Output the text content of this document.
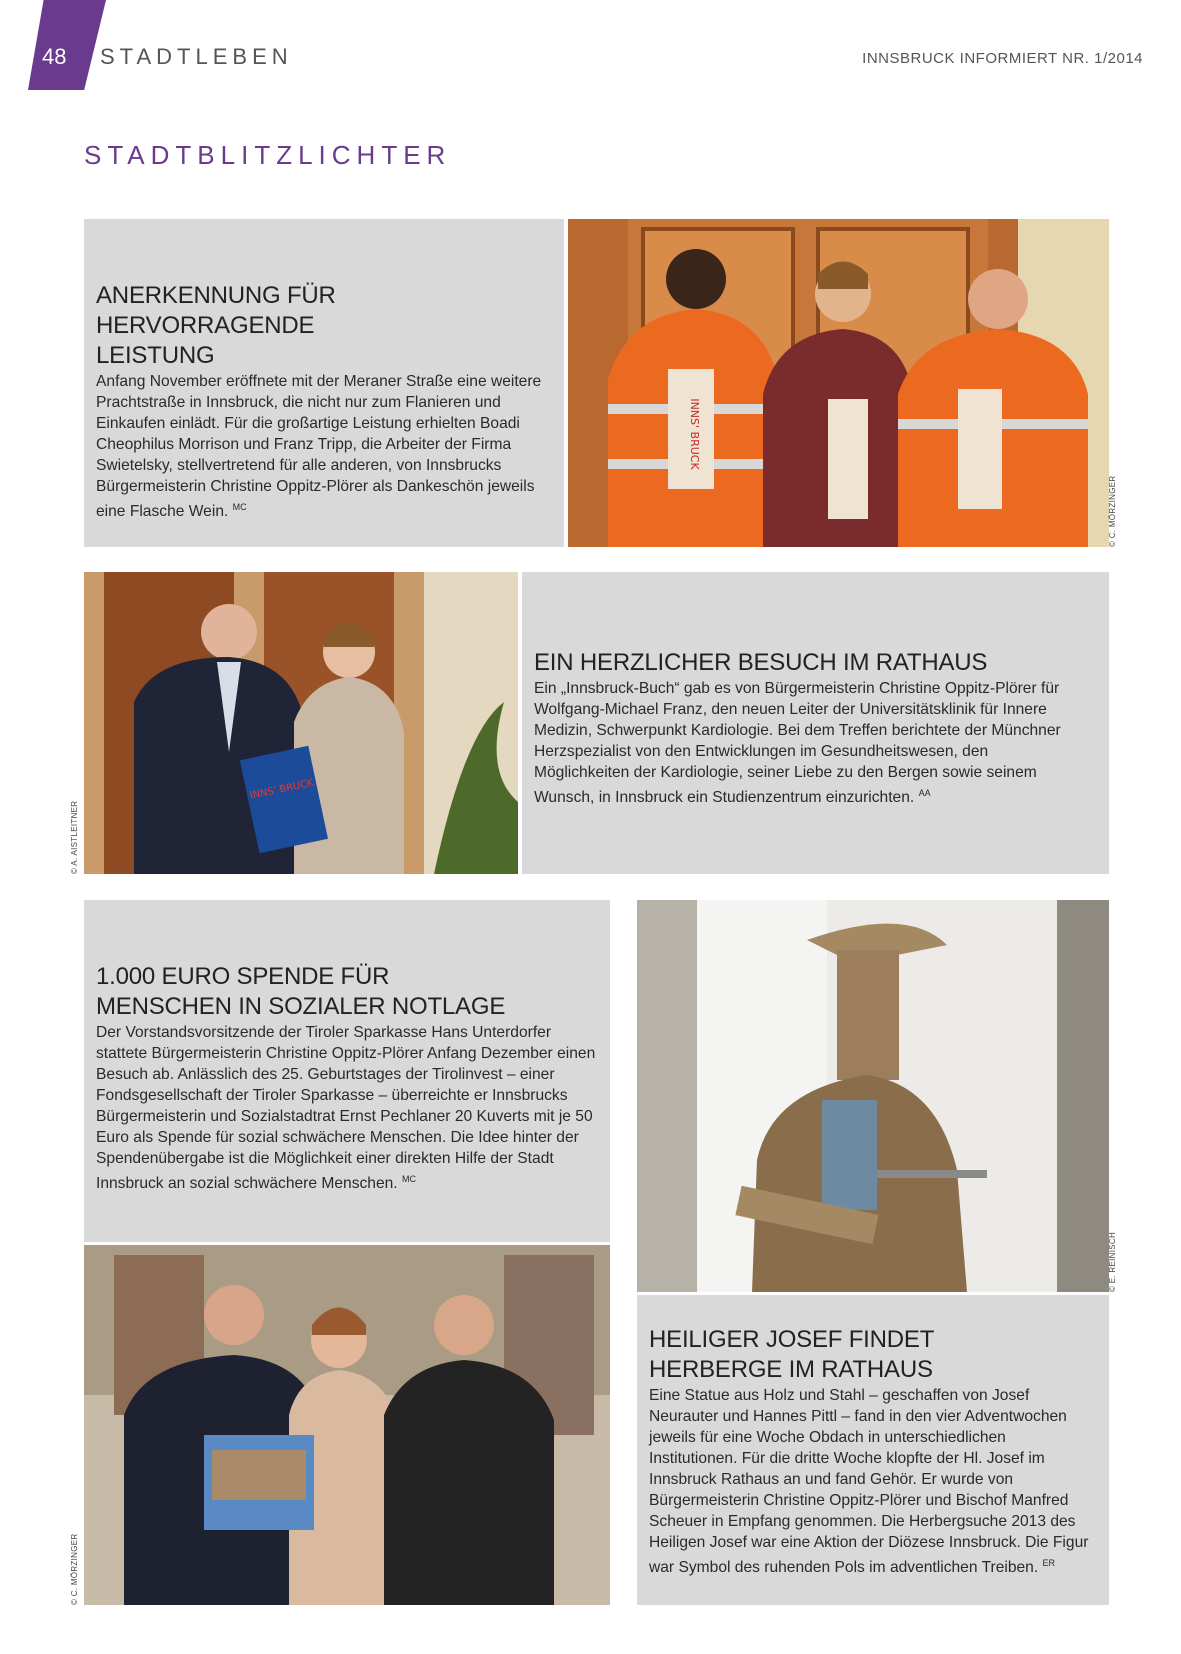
48 STADTLEBEN	INNSBRUCK INFORMIERT NR. 1/2014
STADTBLITZLICHTER
ANERKENNUNG FÜR HERVORRAGENDE LEISTUNG

Anfang November eröffnete mit der Meraner Straße eine weitere Prachtstraße in Innsbruck, die nicht nur zum Flanieren und Einkaufen einlädt. Für die großartige Leistung erhielten Boadi Cheophilus Morrison und Franz Tripp, die Arbeiter der Firma Swietelsky, stellvertretend für alle anderen, von Innsbrucks Bürgermeisterin Christine Oppitz-Plörer als Dankeschön jeweils eine Flasche Wein. $^{MC}$

INNS' BRUCK
© C. MÖRZINGER
INNS' BRUCK
© A. AISTLEITNER
EIN HERZLICHER BESUCH IM RATHAUS

Ein „Innsbruck-Buch“ gab es von Bürgermeisterin Christine Oppitz-Plörer für Wolfgang-Michael Franz, den neuen Leiter der Universitätsklinik für Innere Medizin, Schwerpunkt Kardiologie. Bei dem Treffen berichtete der Münchner Herzspezialist von den Entwicklungen im Gesundheitswesen, den Möglichkeiten der Kardiologie, seiner Liebe zu den Bergen sowie seinem Wunsch, in Innsbruck ein Studienzentrum einzurichten. $^{AA}$

1.000 EURO SPENDE FÜR MENSCHEN IN SOZIALER NOTLAGE

Der Vorstandsvorsitzende der Tiroler Sparkasse Hans Unterdorfer stattete Bürgermeisterin Christine Oppitz-Plörer Anfang Dezember einen Besuch ab. Anlässlich des 25. Geburtstages der Tirolinvest – einer Fondsgesellschaft der Tiroler Sparkasse – überreichte er Innsbrucks Bürgermeisterin und Sozialstadtrat Ernst Pechlaner 20 Kuverts mit je 50 Euro als Spende für sozial schwächere Menschen. Die Idee hinter der Spendenübergabe ist die Möglichkeit einer direkten Hilfe der Stadt Innsbruck an sozial schwächere Menschen. $^{MC}$

© C. MÖRZINGER
© E. REINISCH
HEILIGER JOSEF FINDET HERBERGE IM RATHAUS

Eine Statue aus Holz und Stahl – geschaffen von Josef Neurauter und Hannes Pittl – fand in den vier Adventwochen jeweils für eine Woche Obdach in unterschiedlichen Institutionen. Für die dritte Woche klopfte der Hl. Josef im Innsbruck Rathaus an und fand Gehör. Er wurde von Bürgermeisterin Christine Oppitz-Plörer und Bischof Manfred Scheuer in Empfang genommen. Die Herbergsuche 2013 des Heiligen Josef war eine Aktion der Diözese Innsbruck. Die Figur war Symbol des ruhenden Pols im adventlichen Treiben. $^{ER}$
